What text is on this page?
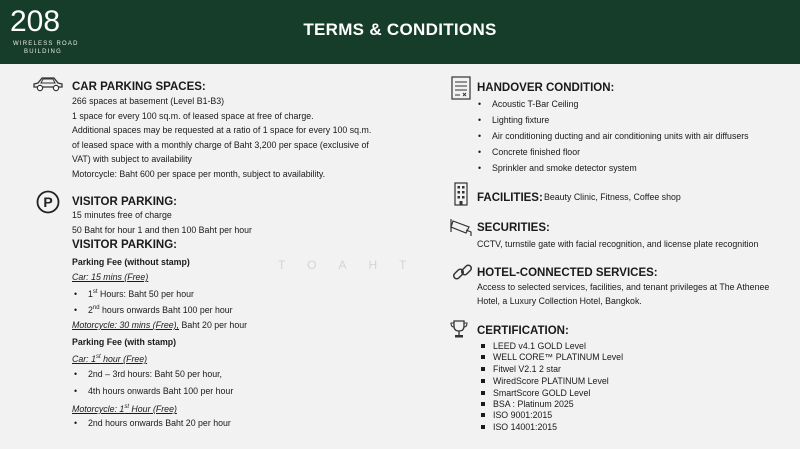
208
WIRELESS ROAD
BUILDING
TERMS & CONDITIONS
TOAHT
CAR PARKING SPACES:
266 spaces at basement (Level B1-B3)
1 space for every 100 sq.m. of leased space at free of charge.
Additional spaces may be requested at a ratio of 1 space for every 100 sq.m.
of leased space with a monthly charge of Baht 3,200 per space (exclusive of
VAT) with subject to availability
Motorcycle: Baht 600 per space per month, subject to availability.
P VISITOR PARKING:
15 minutes free of charge
50 Baht for hour 1 and then 100 Baht per hour
VISITOR PARKING:
Parking Fee (without stamp)
Car: 15 mins (Free)
• 1st Hours: Baht 50 per hour
• 2nd hours onwards Baht 100 per hour
Motorcycle: 30 mins (Free), Baht 20 per hour
Parking Fee (with stamp)
Car: 1st hour (Free)
• 2nd – 3rd hours: Baht 50 per hour,
• 4th hours onwards Baht 100 per hour
Motorcycle: 1st Hour (Free)
• 2nd hours onwards Baht 20 per hour
HANDOVER CONDITION:
• Acoustic T-Bar Ceiling
• Lighting fixture
• Air conditioning ducting and air conditioning units with air diffusers
• Concrete finished floor
• Sprinkler and smoke detector system
FACILITIES: Beauty Clinic, Fitness, Coffee shop
SECURITIES:
CCTV, turnstile gate with facial recognition, and license plate recognition
HOTEL-CONNECTED SERVICES:
Access to selected services, facilities, and tenant privileges at The Athenee
Hotel, a Luxury Collection Hotel, Bangkok.
CERTIFICATION:
LEED v4.1 GOLD Level
WELL CORE™ PLATINUM Level
Fitwel V2.1 2 star
WiredScore PLATINUM Level
SmartScore GOLD Level
BSA : Platinum 2025
ISO 9001:2015
ISO 14001:2015
